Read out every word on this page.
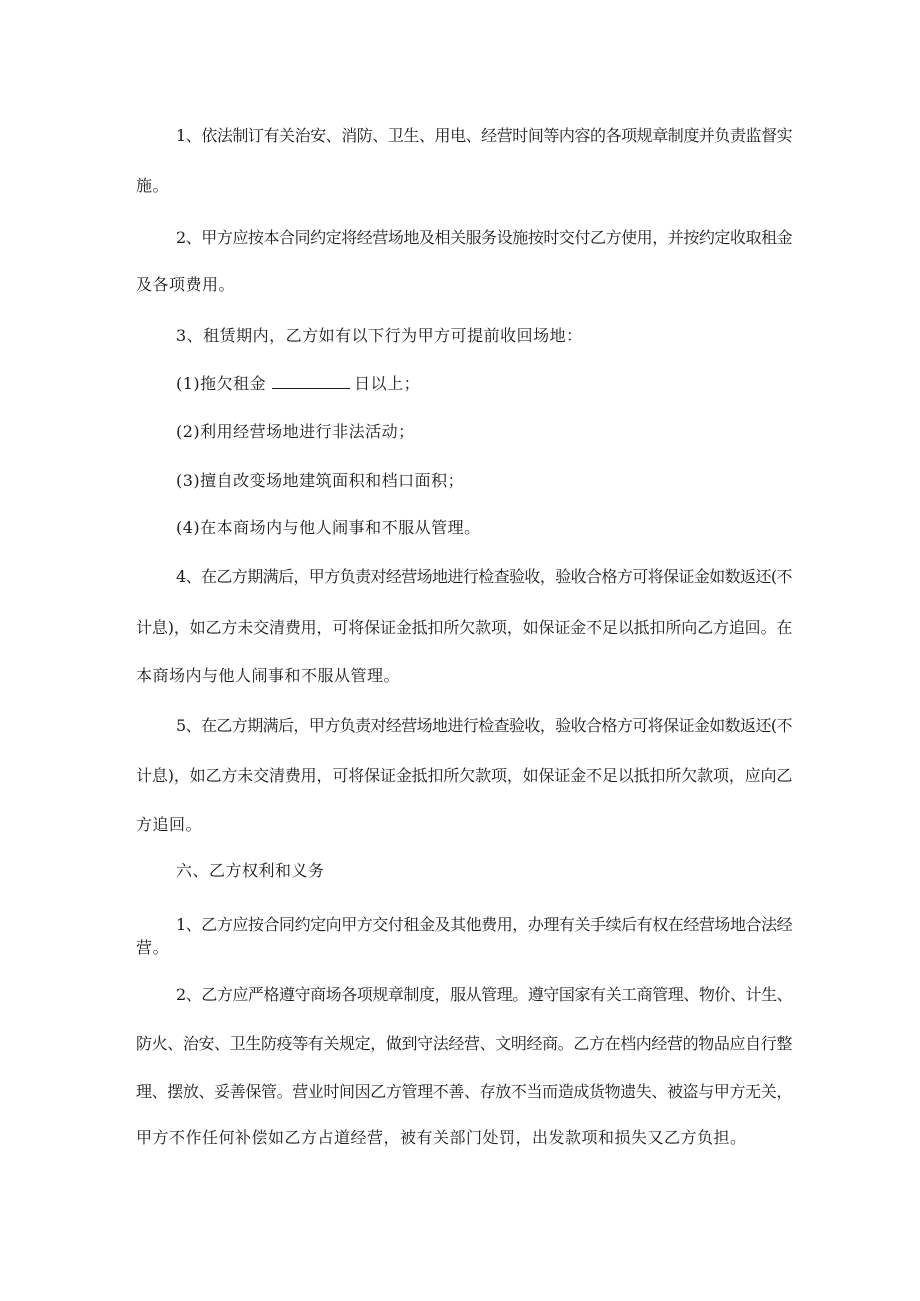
1、依法制订有关治安、消防、卫生、用电、经营时间等内容的各项规章制度并负责监督实
施。
2、甲方应按本合同约定将经营场地及相关服务设施按时交付乙方使用，并按约定收取租金
及各项费用。
3、租赁期内，乙方如有以下行为甲方可提前收回场地：
(1)拖欠租金	日以上；
(2)利用经营场地进行非法活动；
(3)擅自改变场地建筑面积和档口面积；
(4)在本商场内与他人闹事和不服从管理。
4、在乙方期满后，甲方负责对经营场地进行检查验收，验收合格方可将保证金如数返还(不
计息)，如乙方未交清费用，可将保证金抵扣所欠款项，如保证金不足以抵扣所向乙方追回。在
本商场内与他人闹事和不服从管理。
5、在乙方期满后，甲方负责对经营场地进行检查验收，验收合格方可将保证金如数返还(不
计息)，如乙方未交清费用，可将保证金抵扣所欠款项，如保证金不足以抵扣所欠款项，应向乙
方追回。
六、乙方权利和义务
1、乙方应按合同约定向甲方交付租金及其他费用，办理有关手续后有权在经营场地合法经
营。
2、乙方应严格遵守商场各项规章制度，服从管理。遵守国家有关工商管理、物价、计生、
防火、治安、卫生防疫等有关规定，做到守法经营、文明经商。乙方在档内经营的物品应自行整
理、摆放、妥善保管。营业时间因乙方管理不善、存放不当而造成货物遗失、被盗与甲方无关，
甲方不作任何补偿如乙方占道经营，被有关部门处罚，出发款项和损失又乙方负担。
